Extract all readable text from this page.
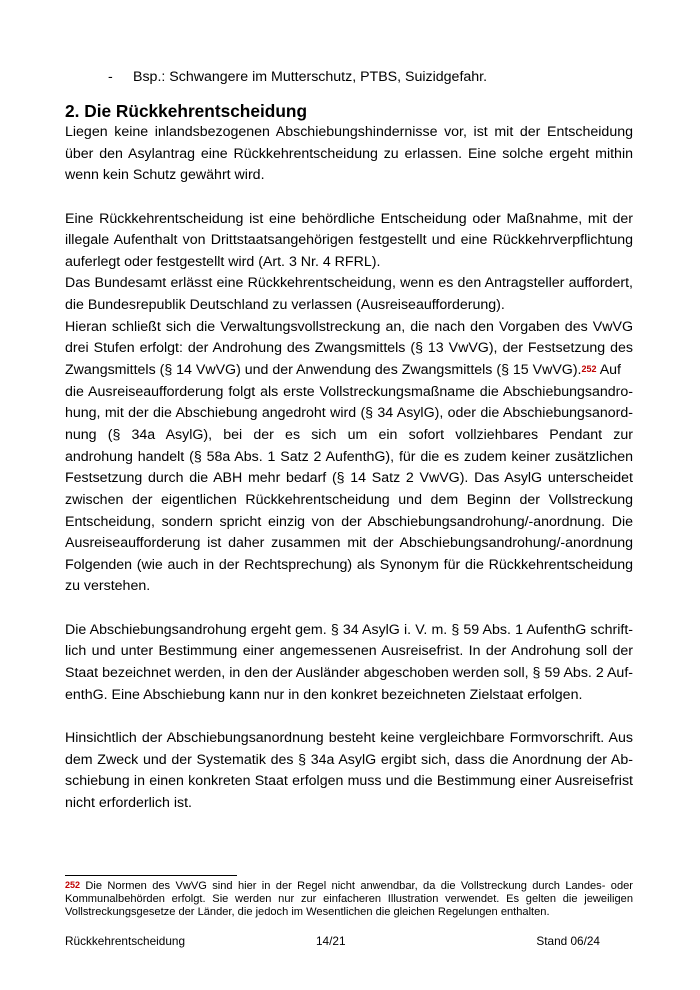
- Bsp.: Schwangere im Mutterschutz, PTBS, Suizidgefahr.
2. Die Rückkehrentscheidung
Liegen keine inlandsbezogenen Abschiebungshindernisse vor, ist mit der Entscheidung
über den Asylantrag eine Rückkehrentscheidung zu erlassen. Eine solche ergeht mithin
wenn kein Schutz gewährt wird.
Eine Rückkehrentscheidung ist eine behördliche Entscheidung oder Maßnahme, mit der
illegale Aufenthalt von Drittstaatsangehörigen festgestellt und eine Rückkehrverpflichtung
auferlegt oder festgestellt wird (Art. 3 Nr. 4 RFRL).
Das Bundesamt erlässt eine Rückkehrentscheidung, wenn es den Antragsteller auffordert,
die Bundesrepublik Deutschland zu verlassen (Ausreiseaufforderung).
Hieran schließt sich die Verwaltungsvollstreckung an, die nach den Vorgaben des VwVG
drei Stufen erfolgt: der Androhung des Zwangsmittels (§ 13 VwVG), der Festsetzung des
Zwangsmittels (§ 14 VwVG) und der Anwendung des Zwangsmittels (§ 15 VwVG).$^{252}$ Auf
die Ausreiseaufforderung folgt als erste Vollstreckungsmaßname die Abschiebungsandro-
hung, mit der die Abschiebung angedroht wird (§ 34 AsylG), oder die Abschiebungsanord-
nung (§ 34a AsylG), bei der es sich um ein sofort vollziehbares Pendant zur
androhung handelt (§ 58a Abs. 1 Satz 2 AufenthG), für die es zudem keiner zusätzlichen
Festsetzung durch die ABH mehr bedarf (§ 14 Satz 2 VwVG). Das AsylG unterscheidet
zwischen der eigentlichen Rückkehrentscheidung und dem Beginn der Vollstreckung
Entscheidung, sondern spricht einzig von der Abschiebungsandrohung/-anordnung. Die
Ausreiseaufforderung ist daher zusammen mit der Abschiebungsandrohung/-anordnung
Folgenden (wie auch in der Rechtsprechung) als Synonym für die Rückkehrentscheidung
zu verstehen.
Die Abschiebungsandrohung ergeht gem. § 34 AsylG i. V. m. § 59 Abs. 1 AufenthG schrift-
lich und unter Bestimmung einer angemessenen Ausreisefrist. In der Androhung soll der
Staat bezeichnet werden, in den der Ausländer abgeschoben werden soll, § 59 Abs. 2 Auf-
enthG. Eine Abschiebung kann nur in den konkret bezeichneten Zielstaat erfolgen.
Hinsichtlich der Abschiebungsanordnung besteht keine vergleichbare Formvorschrift. Aus
dem Zweck und der Systematik des § 34a AsylG ergibt sich, dass die Anordnung der Ab-
schiebung in einen konkreten Staat erfolgen muss und die Bestimmung einer Ausreisefrist
nicht erforderlich ist.
$^{252}$ Die Normen des VwVG sind hier in der Regel nicht anwendbar, da die Vollstreckung durch Landes- oder
Kommunalbehörden erfolgt. Sie werden nur zur einfacheren Illustration verwendet. Es gelten die jeweiligen
Vollstreckungsgesetze der Länder, die jedoch im Wesentlichen die gleichen Regelungen enthalten.
Rückkehrentscheidung	14/21	Stand 06/24
